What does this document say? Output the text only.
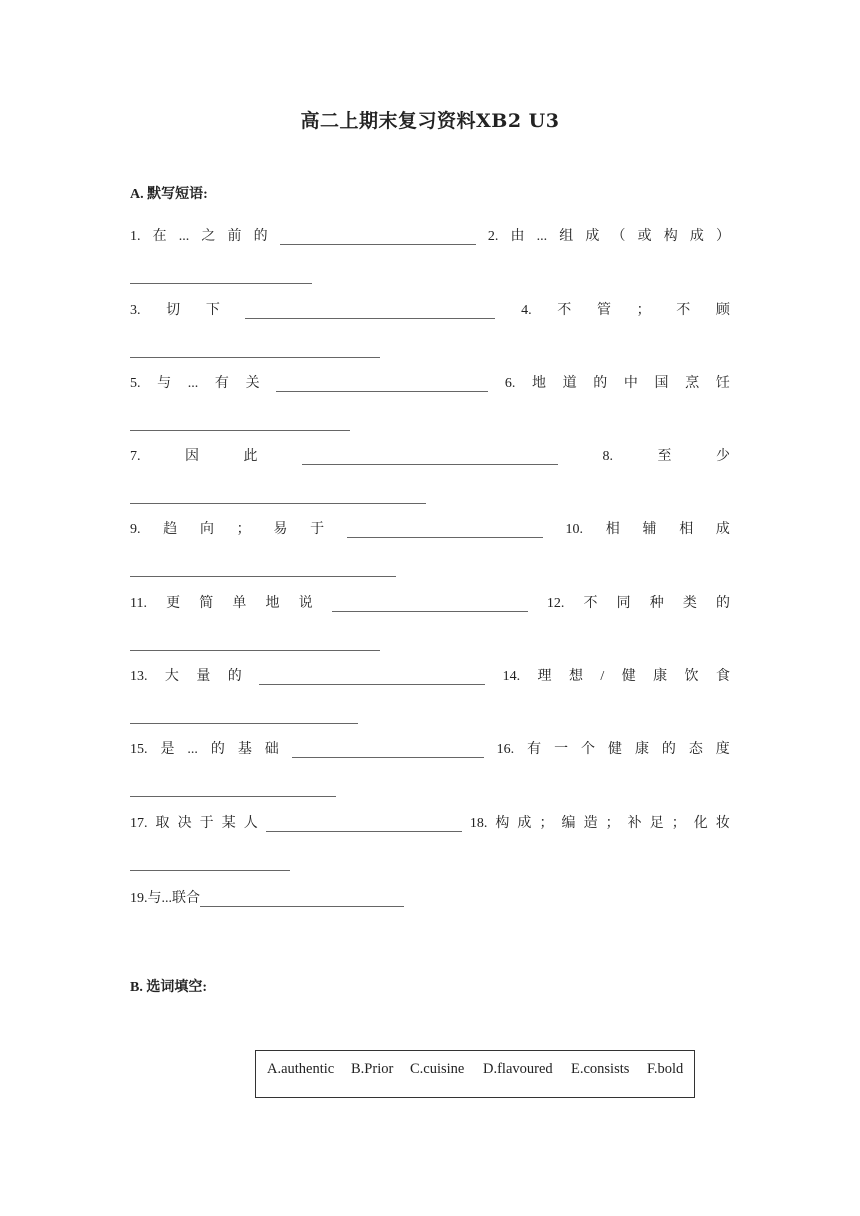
高二上期末复习资料XB2 U3
A. 默写短语:
1. 在 ... 之 前 的	2. 由 ... 组 成 （ 或 构 成 ）
3. 切 下	4. 不 管 ； 不 顾
5. 与 ... 有 关	6. 地 道 的 中 国 烹 饪
7.	因	此	8.	至	少
9. 趋 向 ； 易 于	10. 相 辅 相 成
11. 更 简 单 地 说	12. 不 同 种 类 的
13. 大 量 的	14. 理 想 / 健 康 饮 食
15. 是 ... 的 基 础	16. 有 一 个 健 康 的 态 度
17. 取 决 于 某 人	18. 构 成 ； 编 造 ； 补 足 ； 化 妆
19.与...联合
B. 选词填空:
A.authentic B.Prior C.cuisine D.flavoured E.consists F.bold
